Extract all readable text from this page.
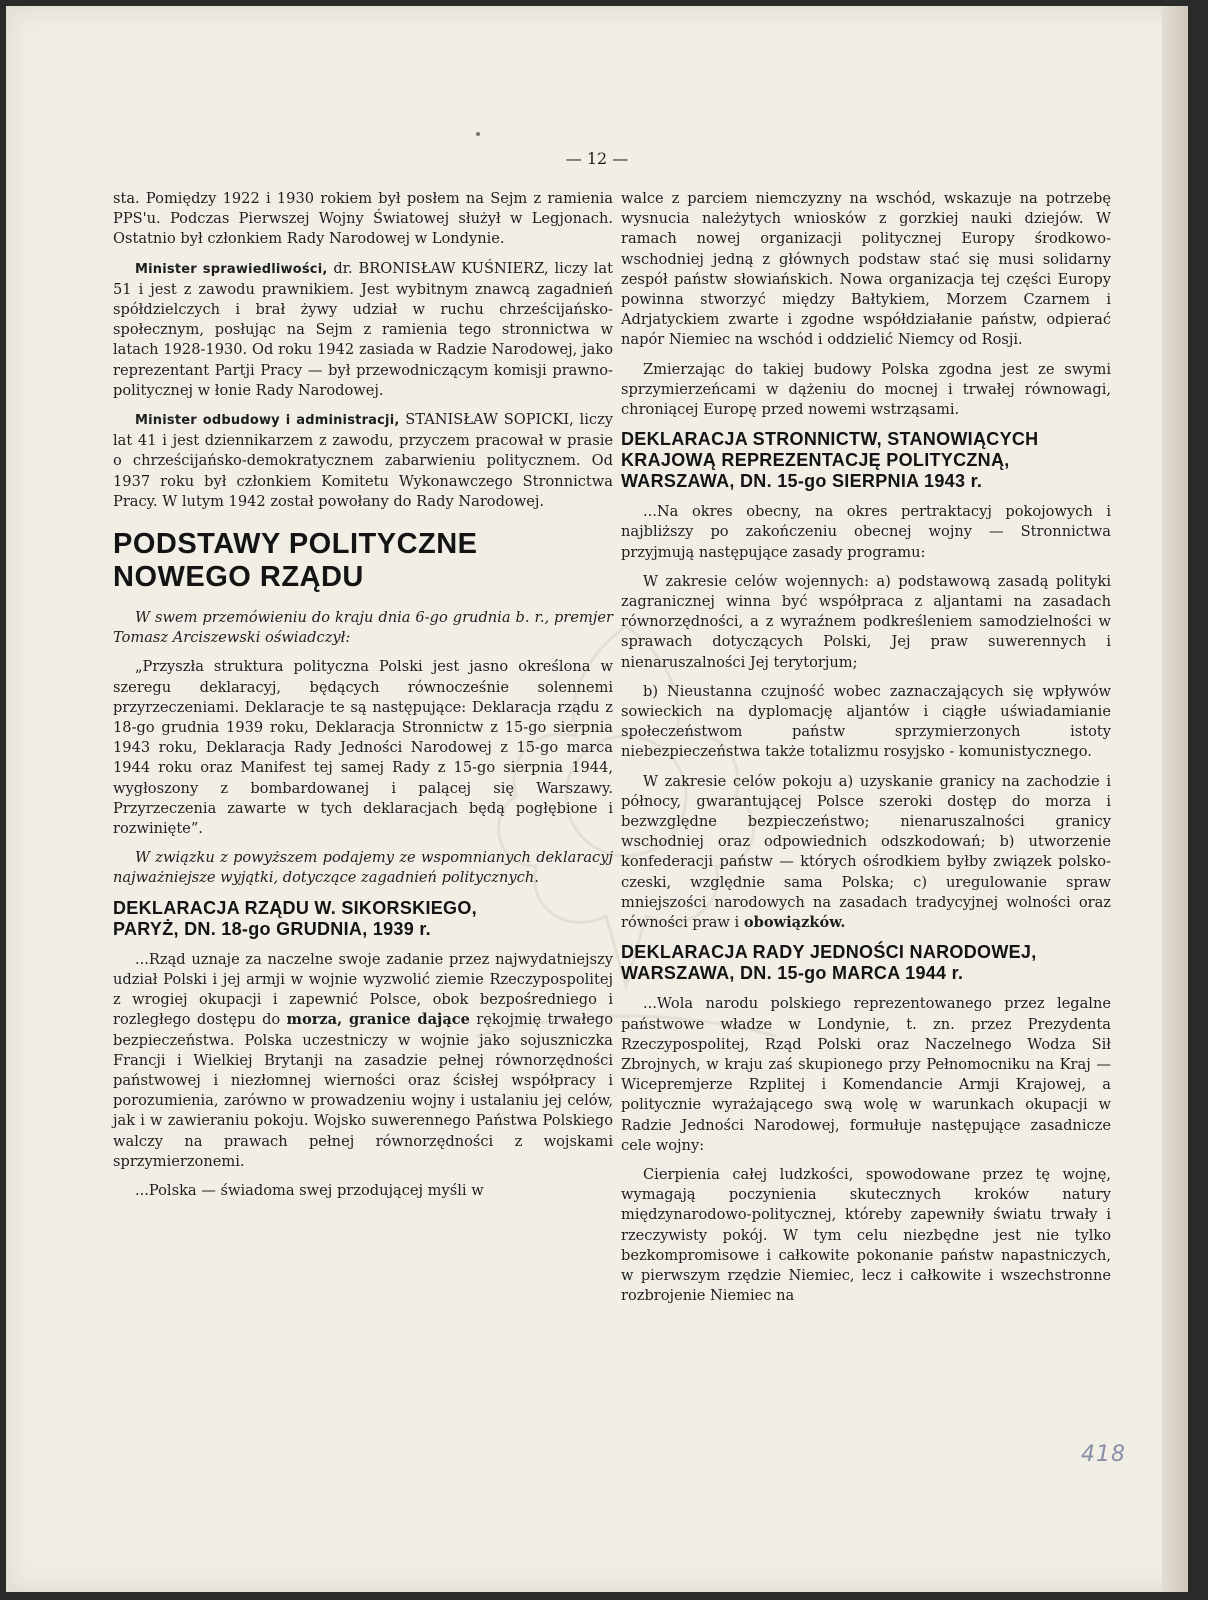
— 12 —

sta. Pomiędzy 1922 i 1930 rokiem był posłem na Sejm z ramienia PPS'u. Podczas Pierwszej Wojny Światowej służył w Legjonach. Ostatnio był członkiem Rady Narodowej w Londynie.

Minister sprawiedliwości, dr. BRONISŁAW KUŚNIERZ, liczy lat 51 i jest z zawodu prawnikiem. Jest wybitnym znawcą zagadnień spółdzielczych i brał żywy udział w ruchu chrześcijańsko-społecznym, posłując na Sejm z ramienia tego stronnictwa w latach 1928-1930. Od roku 1942 zasiada w Radzie Narodowej, jako reprezentant Partji Pracy — był przewodniczącym komisji prawno-politycznej w łonie Rady Narodowej.

Minister odbudowy i administracji, STANISŁAW SOPICKI, liczy lat 41 i jest dziennikarzem z zawodu, przyczem pracował w prasie o chrześcijańsko-demokratycznem zabarwieniu politycznem. Od 1937 roku był członkiem Komitetu Wykonawczego Stronnictwa Pracy. W lutym 1942 został powołany do Rady Narodowej.

PODSTAWY POLITYCZNE
NOWEGO RZĄDU

W swem przemówieniu do kraju dnia 6-go grudnia b. r., premjer Tomasz Arciszewski oświadczył:

„Przyszła struktura polityczna Polski jest jasno określona w szeregu deklaracyj, będących równocześnie solennemi przyrzeczeniami. Deklaracje te są następujące: Deklaracja rządu z 18-go grudnia 1939 roku, Deklaracja Stronnictw z 15-go sierpnia 1943 roku, Deklaracja Rady Jedności Narodowej z 15-go marca 1944 roku oraz Manifest tej samej Rady z 15-go sierpnia 1944, wygłoszony z bombardowanej i palącej się Warszawy. Przyrzeczenia zawarte w tych deklaracjach będą pogłębione i rozwinięte”.

W związku z powyższem podajemy ze wspomnianych deklaracyj najważniejsze wyjątki, dotyczące zagadnień politycznych.

DEKLARACJA RZĄDU W. SIKORSKIEGO,
PARYŻ, DN. 18-go GRUDNIA, 1939 r.

...Rząd uznaje za naczelne swoje zadanie przez najwydatniejszy udział Polski i jej armji w wojnie wyzwolić ziemie Rzeczypospolitej z wrogiej okupacji i zapewnić Polsce, obok bezpośredniego i rozległego dostępu do morza, granice dające rękojmię trwałego bezpieczeństwa. Polska uczestniczy w wojnie jako sojuszniczka Francji i Wielkiej Brytanji na zasadzie pełnej równorzędności państwowej i niezłomnej wierności oraz ścisłej współpracy i porozumienia, zarówno w prowadzeniu wojny i ustalaniu jej celów, jak i w zawieraniu pokoju. Wojsko suwerennego Państwa Polskiego walczy na prawach pełnej równorzędności z wojskami sprzymierzonemi.

...Polska — świadoma swej przodującej myśli w

walce z parciem niemczyzny na wschód, wskazuje na potrzebę wysnucia należytych wniosków z gorzkiej nauki dziejów. W ramach nowej organizacji politycznej Europy środkowo-wschodniej jedną z głównych podstaw stać się musi solidarny zespół państw słowiańskich. Nowa organizacja tej części Europy powinna stworzyć między Bałtykiem, Morzem Czarnem i Adrjatyckiem zwarte i zgodne współdziałanie państw, odpierać napór Niemiec na wschód i oddzielić Niemcy od Rosji.

Zmierzając do takiej budowy Polska zgodna jest ze swymi sprzymierzeńcami w dążeniu do mocnej i trwałej równowagi, chroniącej Europę przed nowemi wstrząsami.

DEKLARACJA STRONNICTW, STANOWIĄCYCH
KRAJOWĄ REPREZENTACJĘ POLITYCZNĄ,
WARSZAWA, DN. 15-go SIERPNIA 1943 r.

...Na okres obecny, na okres pertraktacyj pokojowych i najbliższy po zakończeniu obecnej wojny — Stronnictwa przyjmują następujące zasady programu:

W zakresie celów wojennych: a) podstawową zasadą polityki zagranicznej winna być współpraca z aljantami na zasadach równorzędności, a z wyraźnem podkreśleniem samodzielności w sprawach dotyczących Polski, Jej praw suwerennych i nienaruszalności Jej terytorjum;

b) Nieustanna czujność wobec zaznaczających się wpływów sowieckich na dyplomację aljantów i ciągłe uświadamianie społeczeństwom państw sprzymierzonych istoty niebezpieczeństwa także totalizmu rosyjsko - komunistycznego.

W zakresie celów pokoju a) uzyskanie granicy na zachodzie i północy, gwarantującej Polsce szeroki dostęp do morza i bezwzględne bezpieczeństwo; nienaruszalności granicy wschodniej oraz odpowiednich odszkodowań; b) utworzenie konfederacji państw — których ośrodkiem byłby związek polsko-czeski, względnie sama Polska; c) uregulowanie spraw mniejszości narodowych na zasadach tradycyjnej wolności oraz równości praw i obowiązków.

DEKLARACJA RADY JEDNOŚCI NARODOWEJ,
WARSZAWA, DN. 15-go MARCA 1944 r.

...Wola narodu polskiego reprezentowanego przez legalne państwowe władze w Londynie, t. zn. przez Prezydenta Rzeczypospolitej, Rząd Polski oraz Naczelnego Wodza Sił Zbrojnych, w kraju zaś skupionego przy Pełnomocniku na Kraj — Wicepremjerze Rzplitej i Komendancie Armji Krajowej, a politycznie wyrażającego swą wolę w warunkach okupacji w Radzie Jedności Narodowej, formułuje następujące zasadnicze cele wojny:

Cierpienia całej ludzkości, spowodowane przez tę wojnę, wymagają poczynienia skutecznych kroków natury międzynarodowo-politycznej, któreby zapewniły światu trwały i rzeczywisty pokój. W tym celu niezbędne jest nie tylko bezkompromisowe i całkowite pokonanie państw napastniczych, w pierwszym rzędzie Niemiec, lecz i całkowite i wszechstronne rozbrojenie Niemiec na

418
